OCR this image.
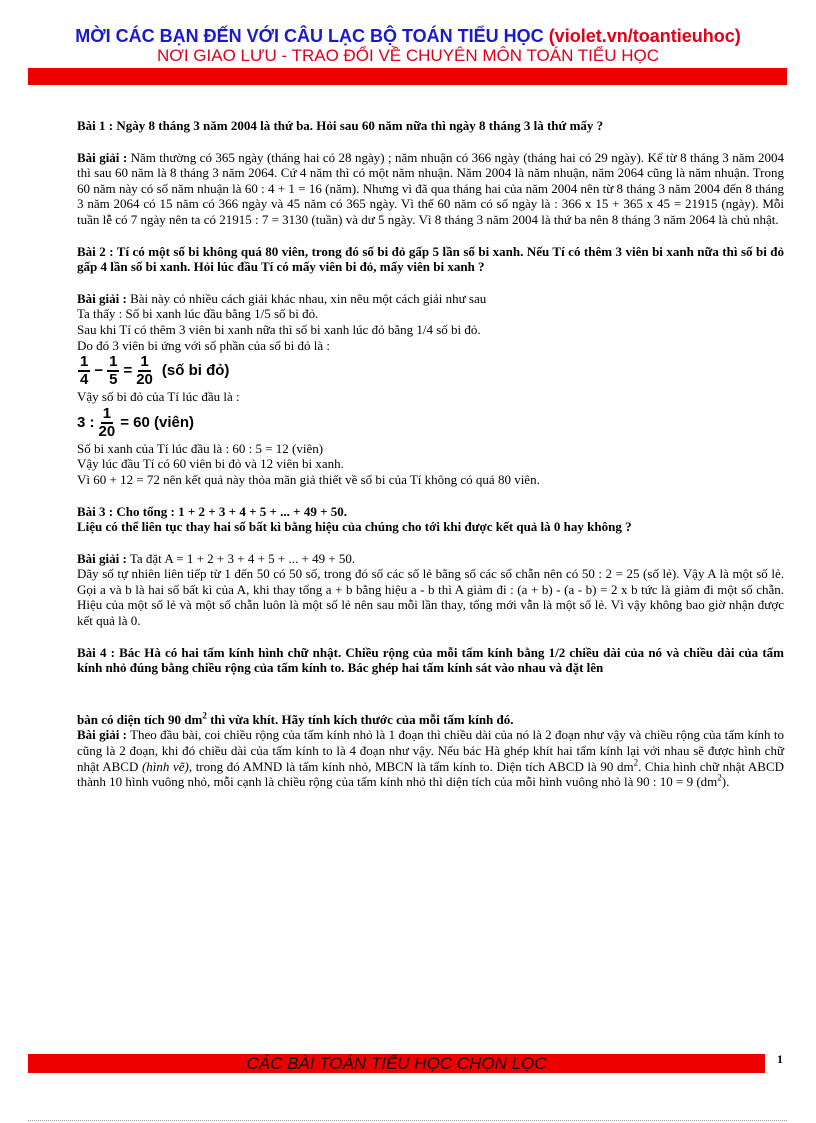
MỜI CÁC BẠN ĐẾN VỚI CÂU LẠC BỘ TOÁN TIỂU HỌC (violet.vn/toantieuhoc)
NƠI GIAO LƯU - TRAO ĐỔI VỀ CHUYÊN MÔN TOÁN TIỂU HỌC

Bài 1 : Ngày 8 tháng 3 năm 2004 là thứ ba. Hỏi sau 60 năm nữa thì ngày 8 tháng 3 là thứ mấy ?

Bài giải : Năm thường có 365 ngày (tháng hai có 28 ngày) ; năm nhuận có 366 ngày (tháng hai có 29 ngày). Kể từ 8 tháng 3 năm 2004 thì sau 60 năm là 8 tháng 3 năm 2064. Cứ 4 năm thì có một năm nhuận. Năm 2004 là năm nhuận, năm 2064 cũng là năm nhuận. Trong 60 năm này có số năm nhuận là 60 : 4 + 1 = 16 (năm). Nhưng vì đã qua tháng hai của năm 2004 nên từ 8 tháng 3 năm 2004 đến 8 tháng 3 năm 2064 có 15 năm có 366 ngày và 45 năm có 365 ngày. Vì thế 60 năm có số ngày là : 366 x 15 + 365 x 45 = 21915 (ngày). Mỗi tuần lễ có 7 ngày nên ta có 21915 : 7 = 3130 (tuần) và dư 5 ngày. Vì 8 tháng 3 năm 2004 là thứ ba nên 8 tháng 3 năm 2064 là chủ nhật.

Bài 2 : Tí có một số bi không quá 80 viên, trong đó số bi đỏ gấp 5 lần số bi xanh. Nếu Tí có thêm 3 viên bi xanh nữa thì số bi đỏ gấp 4 lần số bi xanh. Hỏi lúc đầu Tí có mấy viên bi đỏ, mấy viên bi xanh ?

Bài giải : Bài này có nhiều cách giải khác nhau, xin nêu một cách giải như sau

Ta thấy : Số bi xanh lúc đầu bằng 1/5 số bi đỏ.

Sau khi Tí có thêm 3 viên bi xanh nữa thì số bi xanh lúc đó bằng 1/4 số bi đỏ.

Do đó 3 viên bi ứng với số phần của số bi đỏ là :

$\frac{1}{4} - \frac{1}{5} = \frac{1}{20}$ (số bi đỏ)

Vậy số bi đỏ của Tí lúc đầu là :

3 : $\frac{1}{20} = 60$ (viên)

Số bi xanh của Tí lúc đầu là : 60 : 5 = 12 (viên)

Vậy lúc đầu Tí có 60 viên bi đỏ và 12 viên bi xanh.

Vì 60 + 12 = 72 nên kết quả này thỏa mãn giả thiết về số bi của Tí không có quá 80 viên.

Bài 3 : Cho tổng : 1 + 2 + 3 + 4 + 5 + ... + 49 + 50.

Liệu có thể liên tục thay hai số bất kì bằng hiệu của chúng cho tới khi được kết quả là 0 hay không ?

Bài giải : Ta đặt A = 1 + 2 + 3 + 4 + 5 + ... + 49 + 50.

Dãy số tự nhiên liên tiếp từ 1 đến 50 có 50 số, trong đó số các số lẻ bằng số các số chẵn nên có 50 : 2 = 25 (số lẻ). Vậy A là một số lẻ. Gọi a và b là hai số bất kì của A, khi thay tổng a + b bằng hiệu a - b thì A giảm đi : (a + b) - (a - b) = 2 x b tức là giảm đi một số chẵn. Hiệu của một số lẻ và một số chẵn luôn là một số lẻ nên sau mỗi lần thay, tổng mới vẫn là một số lẻ. Vì vậy không bao giờ nhận được kết quả là 0.

Bài 4 : Bác Hà có hai tấm kính hình chữ nhật. Chiều rộng của mỗi tấm kính bằng 1/2 chiều dài của nó và chiều dài của tấm kính nhỏ đúng bằng chiều rộng của tấm kính to. Bác ghép hai tấm kính sát vào nhau và đặt lên

bàn có diện tích 90 $dm^2$ thì vừa khít. Hãy tính kích thước của mỗi tấm kính đó.

Bài giải : Theo đầu bài, coi chiều rộng của tấm kính nhỏ là 1 đoạn thì chiều dài của nó là 2 đoạn như vậy và chiều rộng của tấm kính to cũng là 2 đoạn, khi đó chiều dài của tấm kính to là 4 đoạn như vậy. Nếu bác Hà ghép khít hai tấm kính lại với nhau sẽ được hình chữ nhật ABCD (hình vẽ), trong đó AMND là tấm kính nhỏ, MBCN là tấm kính to. Diện tích ABCD là 90 $dm^2$. Chia hình chữ nhật ABCD thành 10 hình vuông nhỏ, mỗi cạnh là chiều rộng của tấm kính nhỏ thì diện tích của mỗi hình vuông nhỏ là 90 : 10 = 9 $(dm^2)$.

CÁC BÀI TOÁN TIỂU HỌC CHỌN LỌC	1
